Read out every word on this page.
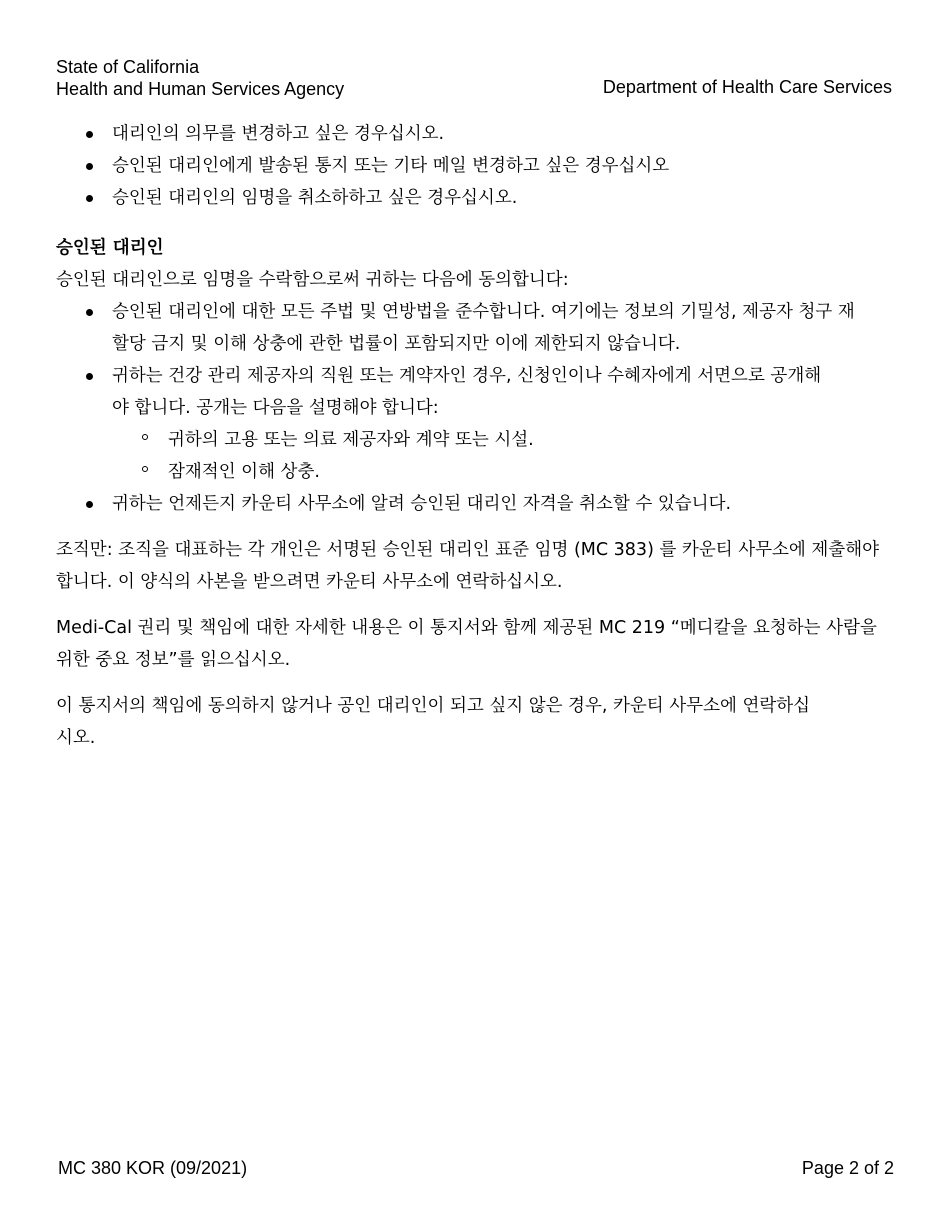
State of California
Health and Human Services Agency	Department of Health Care Services
대리인의 의무를 변경하고 싶은 경우십시오.
승인된 대리인에게 발송된 통지 또는 기타 메일 변경하고 싶은 경우십시오
승인된 대리인의 임명을 취소하하고 싶은 경우십시오.
승인된 대리인

승인된 대리인으로 임명을 수락함으로써 귀하는 다음에 동의합니다:

승인된 대리인에 대한 모든 주법 및 연방법을 준수합니다. 여기에는 정보의 기밀성, 제공자 청구 재 할당 금지 및 이해 상충에 관한 법률이 포함되지만 이에 제한되지 않습니다.
귀하는 건강 관리 제공자의 직원 또는 계약자인 경우, 신청인이나 수혜자에게 서면으로 공개해야 합니다. 공개는 다음을 설명해야 합니다:
귀하의 고용 또는 의료 제공자와 계약 또는 시설.
잠재적인 이해 상충.
귀하는 언제든지 카운티 사무소에 알려 승인된 대리인 자격을 취소할 수 있습니다.

조직만: 조직을 대표하는 각 개인은 서명된 승인된 대리인 표준 임명 (MC 383) 를 카운티 사무소에 제출해야 합니다. 이 양식의 사본을 받으려면 카운티 사무소에 연락하십시오.

Medi-Cal 권리 및 책임에 대한 자세한 내용은 이 통지서와 함께 제공된 MC 219 “메디칼을 요청하는 사람을 위한 중요 정보”를 읽으십시오.

이 통지서의 책임에 동의하지 않거나 공인 대리인이 되고 싶지 않은 경우, 카운티 사무소에 연락하십시오.

MC 380 KOR (09/2021)	Page 2 of 2
